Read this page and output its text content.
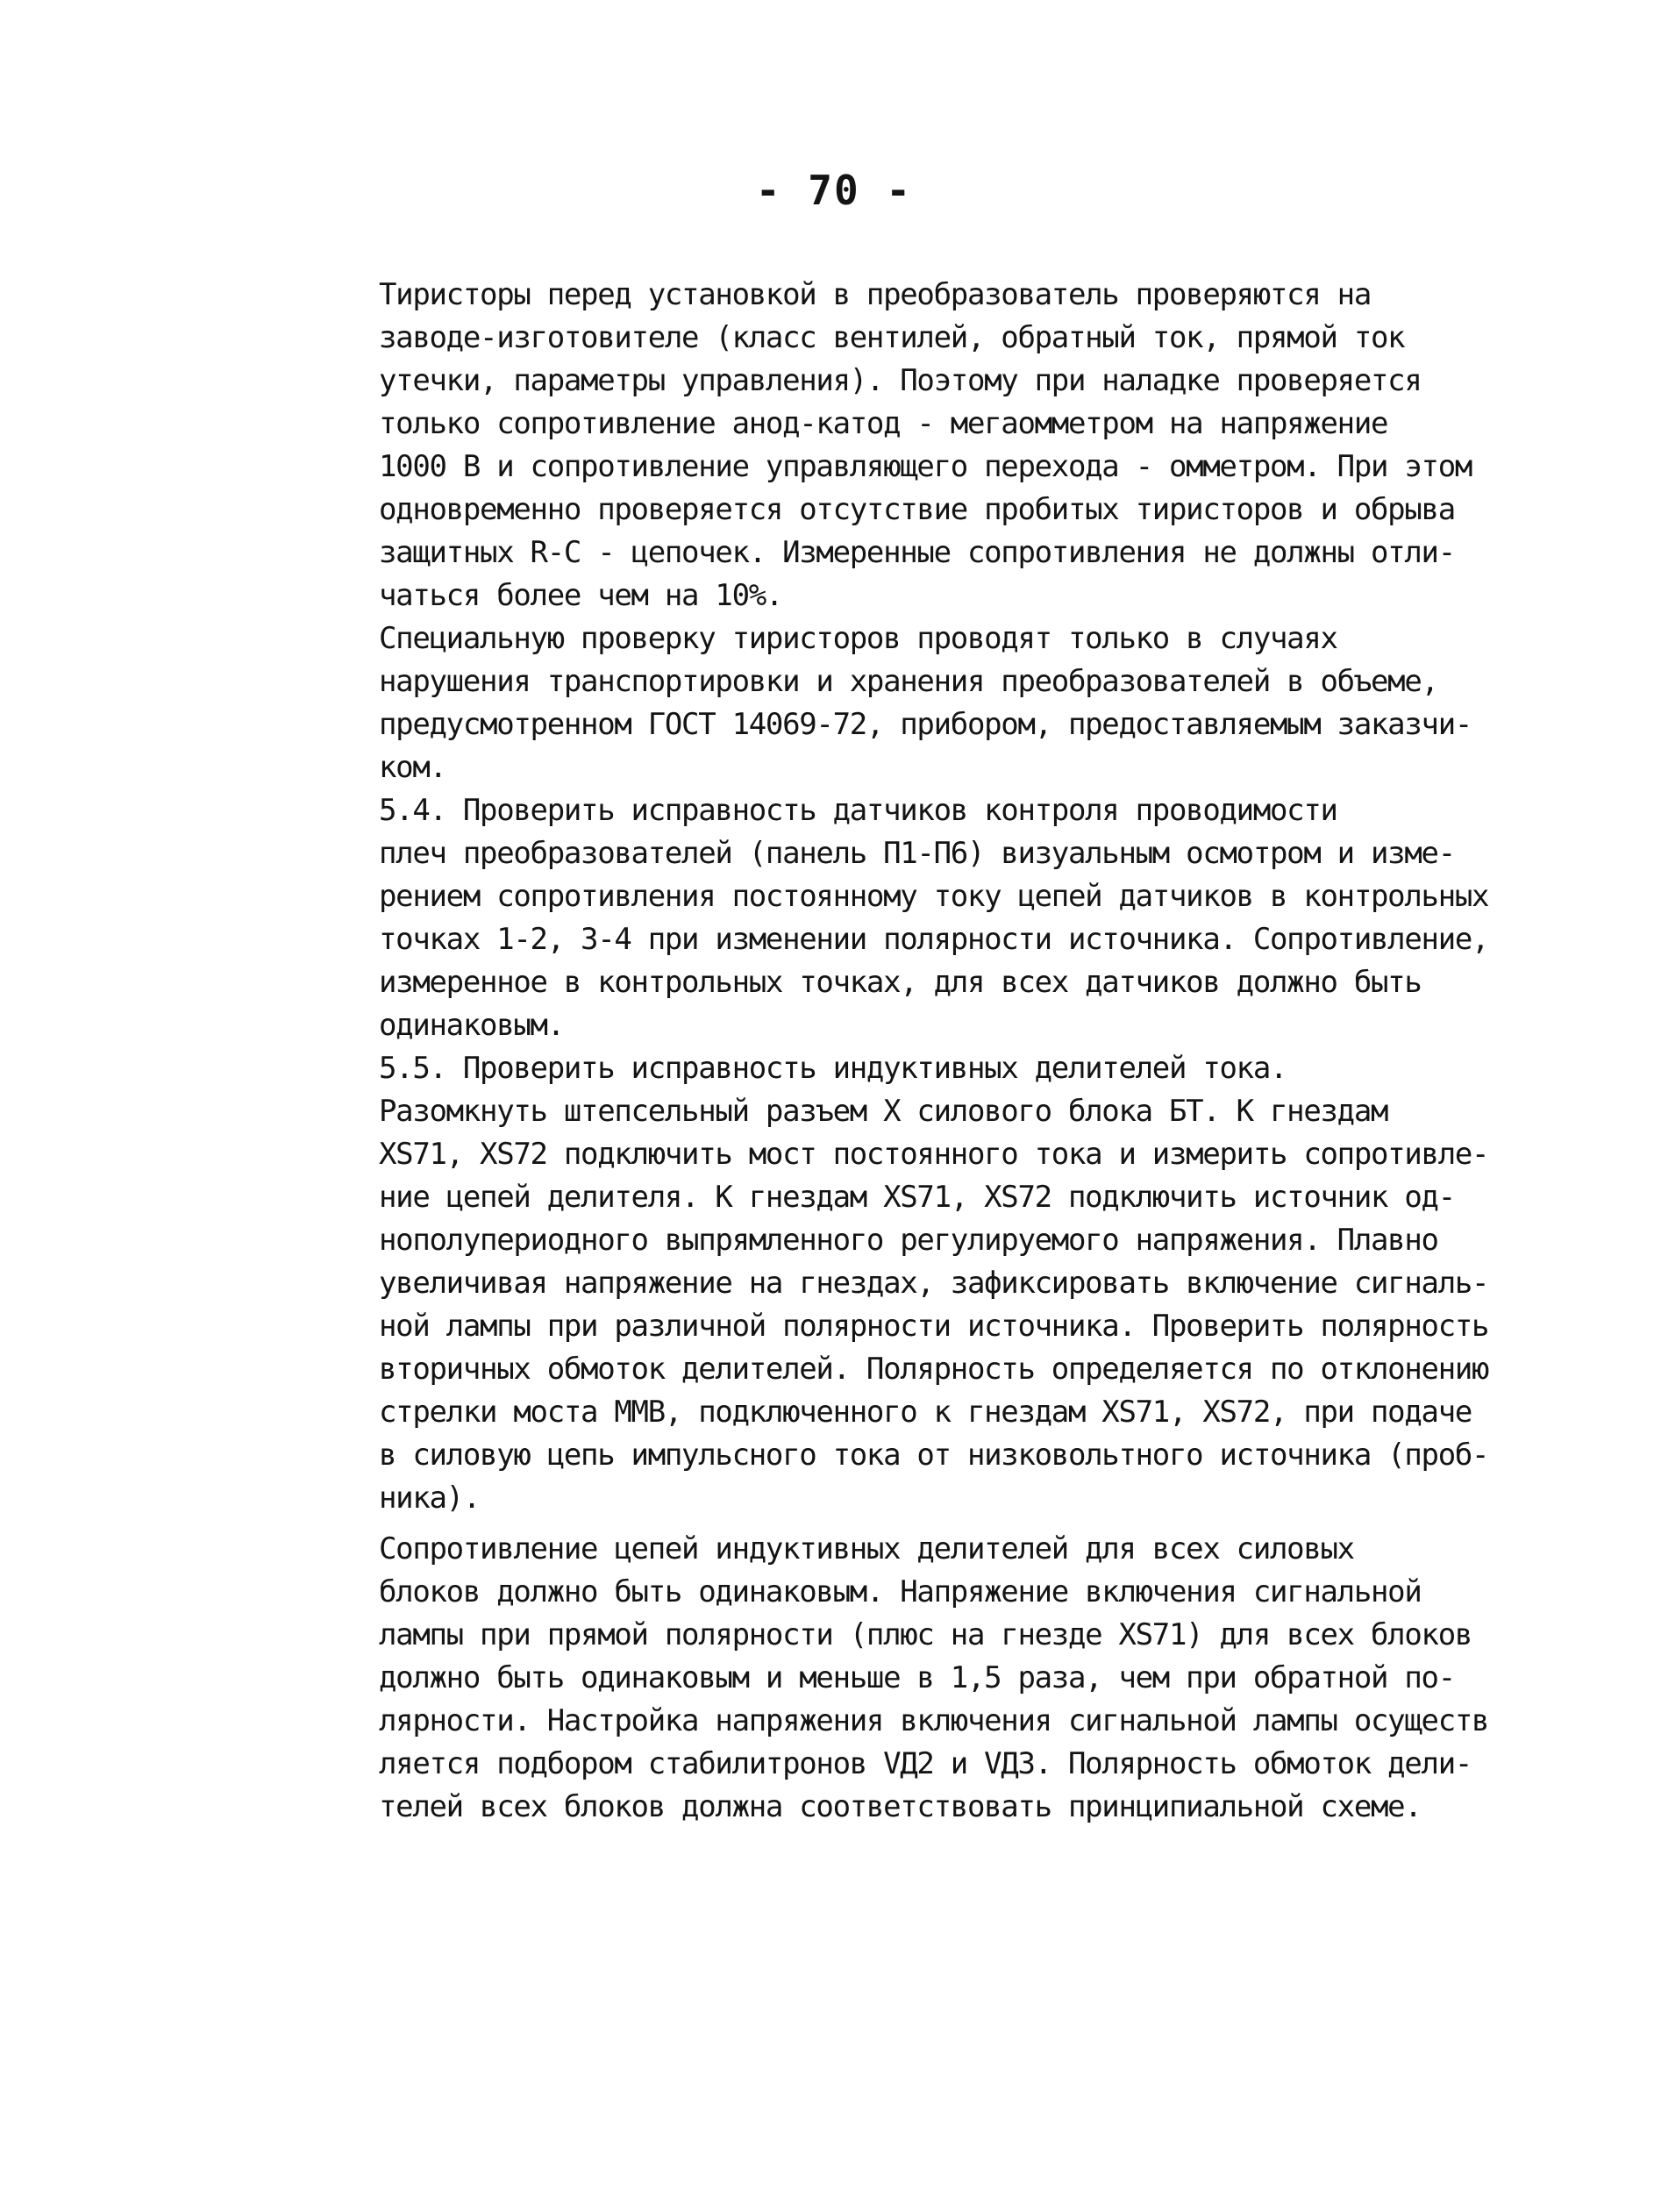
- 70 -
Тиристоры перед установкой в преобразователь проверяются на
заводе-изготовителе (класс вентилей, обратный ток, прямой ток
утечки, параметры управления). Поэтому при наладке проверяется
только сопротивление анод-катод - мегаомметром на напряжение
1000 В и сопротивление управляющего перехода - омметром. При этом
одновременно проверяется отсутствие пробитых тиристоров и обрыва
защитных R-C - цепочек. Измеренные сопротивления не должны отли-
чаться более чем на 10%.
Специальную проверку тиристоров проводят только в случаях
нарушения транспортировки и хранения преобразователей в объеме,
предусмотренном ГОСТ 14069-72, прибором, предоставляемым заказчи-
ком.
5.4. Проверить исправность датчиков контроля проводимости
плеч преобразователей (панель П1-П6) визуальным осмотром и изме-
рением сопротивления постоянному току цепей датчиков в контрольных
точках 1-2, 3-4 при изменении полярности источника. Сопротивление,
измеренное в контрольных точках, для всех датчиков должно быть
одинаковым.
5.5. Проверить исправность индуктивных делителей тока.
Разомкнуть штепсельный разъем Х силового блока БТ. К гнездам
XS71, XS72 подключить мост постоянного тока и измерить сопротивле-
ние цепей делителя. К гнездам XS71, XS72 подключить источник од-
нополупериодного выпрямленного регулируемого напряжения. Плавно
увеличивая напряжение на гнездах, зафиксировать включение сигналь-
ной лампы при различной полярности источника. Проверить полярность
вторичных обмоток делителей. Полярность определяется по отклонению
стрелки моста ММВ, подключенного к гнездам XS71, XS72, при подаче
в силовую цепь импульсного тока от низковольтного источника (проб-
ника).
Сопротивление цепей индуктивных делителей для всех силовых
блоков должно быть одинаковым. Напряжение включения сигнальной
лампы при прямой полярности (плюс на гнезде XS71) для всех блоков
должно быть одинаковым и меньше в 1,5 раза, чем при обратной по-
лярности. Настройка напряжения включения сигнальной лампы осуществ
ляется подбором стабилитронов VД2 и VД3. Полярность обмоток дели-
телей всех блоков должна соответствовать принципиальной схеме.
